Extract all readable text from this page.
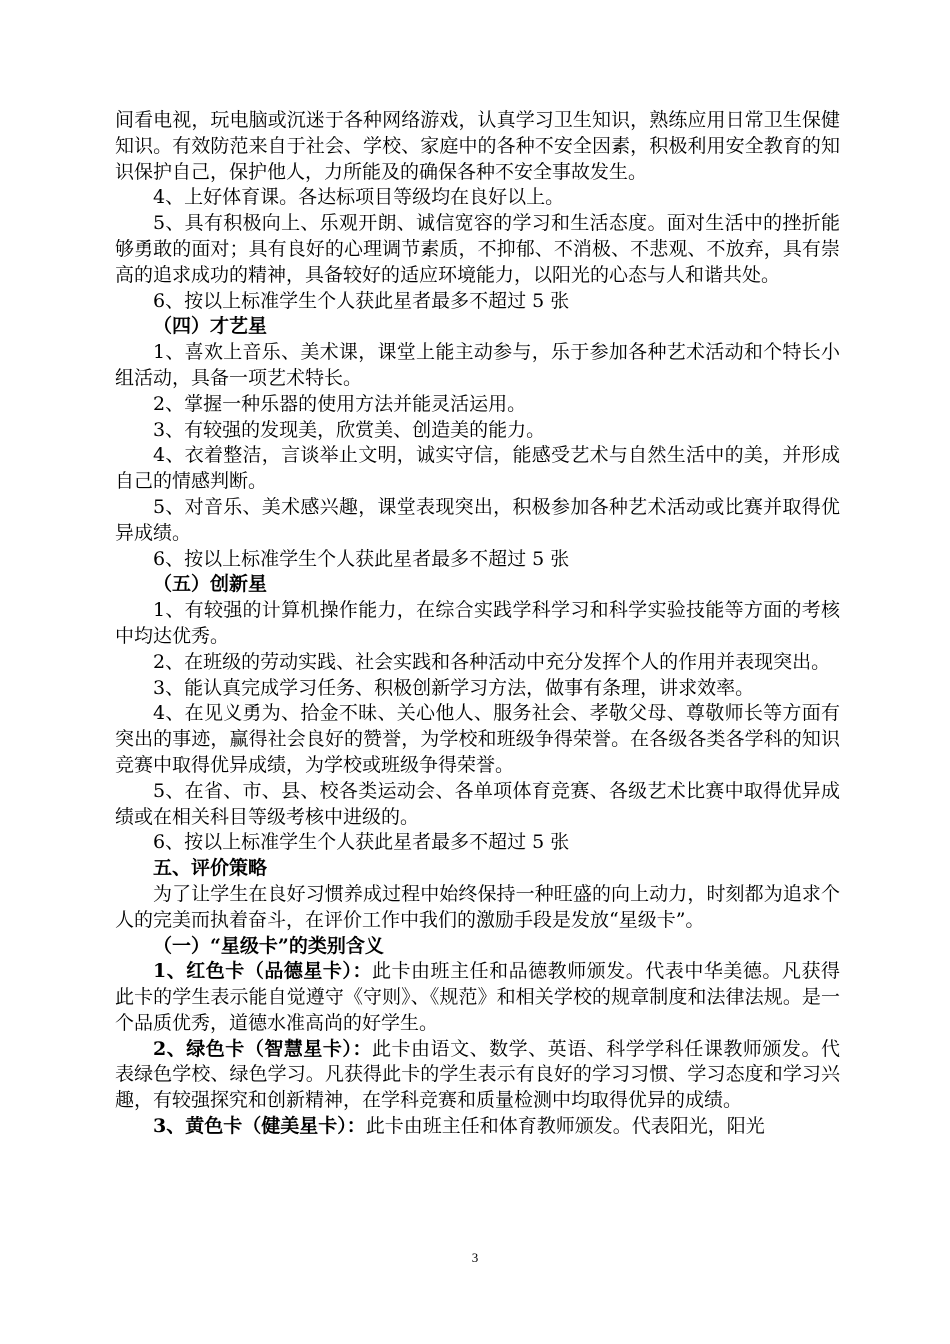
间看电视，玩电脑或沉迷于各种网络游戏，认真学习卫生知识，熟练应用日常卫生保健知识。有效防范来自于社会、学校、家庭中的各种不安全因素，积极利用安全教育的知识保护自己，保护他人，力所能及的确保各种不安全事故发生。

4、上好体育课。各达标项目等级均在良好以上。

5、具有积极向上、乐观开朗、诚信宽容的学习和生活态度。面对生活中的挫折能够勇敢的面对；具有良好的心理调节素质，不抑郁、不消极、不悲观、不放弃，具有崇高的追求成功的精神，具备较好的适应环境能力，以阳光的心态与人和谐共处。

6、按以上标准学生个人获此星者最多不超过 5 张

（四）才艺星

1、喜欢上音乐、美术课，课堂上能主动参与，乐于参加各种艺术活动和个特长小组活动，具备一项艺术特长。

2、掌握一种乐器的使用方法并能灵活运用。

3、有较强的发现美，欣赏美、创造美的能力。

4、衣着整洁，言谈举止文明，诚实守信，能感受艺术与自然生活中的美，并形成自己的情感判断。

5、对音乐、美术感兴趣，课堂表现突出，积极参加各种艺术活动或比赛并取得优异成绩。

6、按以上标准学生个人获此星者最多不超过 5 张

（五）创新星

1、有较强的计算机操作能力，在综合实践学科学习和科学实验技能等方面的考核中均达优秀。

2、在班级的劳动实践、社会实践和各种活动中充分发挥个人的作用并表现突出。

3、能认真完成学习任务、积极创新学习方法，做事有条理，讲求效率。

4、在见义勇为、拾金不昧、关心他人、服务社会、孝敬父母、尊敬师长等方面有突出的事迹，赢得社会良好的赞誉，为学校和班级争得荣誉。在各级各类各学科的知识竞赛中取得优异成绩，为学校或班级争得荣誉。

5、在省、市、县、校各类运动会、各单项体育竞赛、各级艺术比赛中取得优异成绩或在相关科目等级考核中进级的。

6、按以上标准学生个人获此星者最多不超过 5 张

五、评价策略

为了让学生在良好习惯养成过程中始终保持一种旺盛的向上动力，时刻都为追求个人的完美而执着奋斗，在评价工作中我们的激励手段是发放“星级卡”。

（一）“星级卡”的类别含义

1、红色卡（品德星卡）：此卡由班主任和品德教师颁发。代表中华美德。凡获得此卡的学生表示能自觉遵守《守则》、《规范》和相关学校的规章制度和法律法规。是一个品质优秀，道德水准高尚的好学生。

2、绿色卡（智慧星卡）：此卡由语文、数学、英语、科学学科任课教师颁发。代表绿色学校、绿色学习。凡获得此卡的学生表示有良好的学习习惯、学习态度和学习兴趣，有较强探究和创新精神，在学科竞赛和质量检测中均取得优异的成绩。

3、黄色卡（健美星卡）：此卡由班主任和体育教师颁发。代表阳光，阳光

3
